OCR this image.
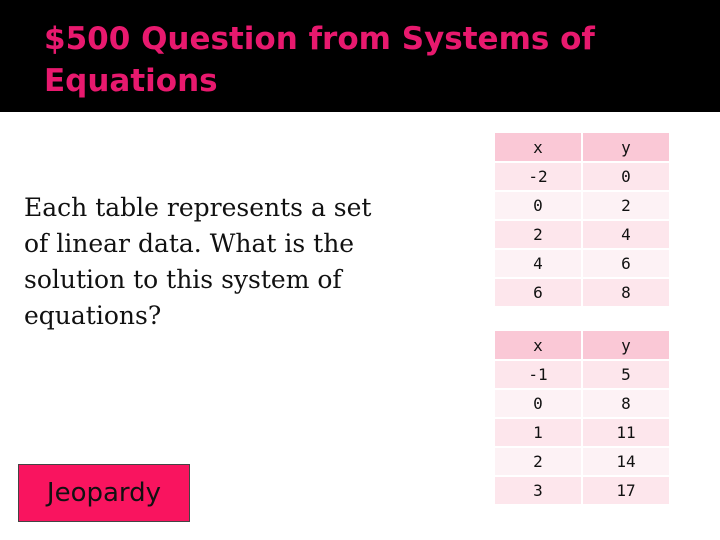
$500 Question from Systems of
Equations
Each table represents a set of linear data. What is the solution to this system of equations?
Jeopardy
x	y
-2	0
0	2
2	4
4	6
6	8
x	y
-1	5
0	8
1	11
2	14
3	17
